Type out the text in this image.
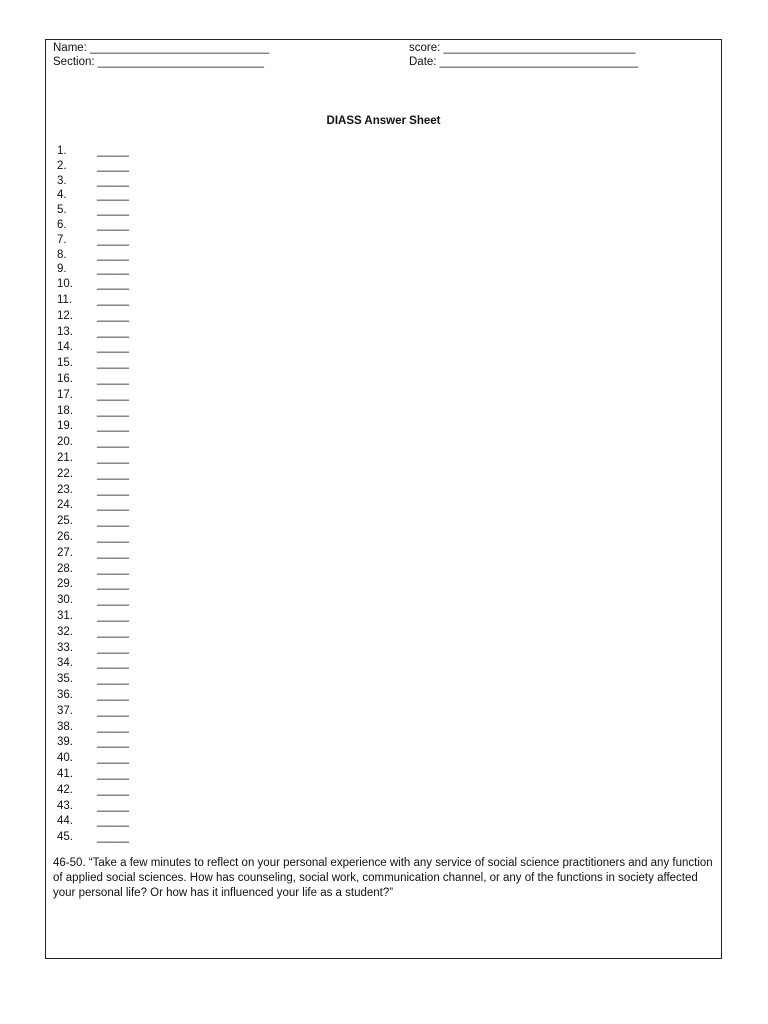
Name: ____________________________	score: ______________________________
Section: __________________________	Date: _______________________________
DIASS Answer Sheet
1.	_____
2.	_____
3.	_____
4.	_____
5.	_____
6.	_____
7.	_____
8.	_____
9.	_____
10. _____
11. _____
12. _____
13. _____
14. _____
15. _____
16. _____
17. _____
18. _____
19. _____
20. _____
21. _____
22. _____
23. _____
24. _____
25. _____
26. _____
27. _____
28. _____
29. _____
30. _____
31. _____
32. _____
33. _____
34. _____
35. _____
36. _____
37. _____
38. _____
39. _____
40. _____
41. _____
42. _____
43. _____
44. _____
45. _____
46-50. “Take a few minutes to reflect on your personal experience with any service of social science practitioners and any function of applied social sciences. How has counseling, social work, communication channel, or any of the functions in society affected your personal life? Or how has it influenced your life as a student?”
